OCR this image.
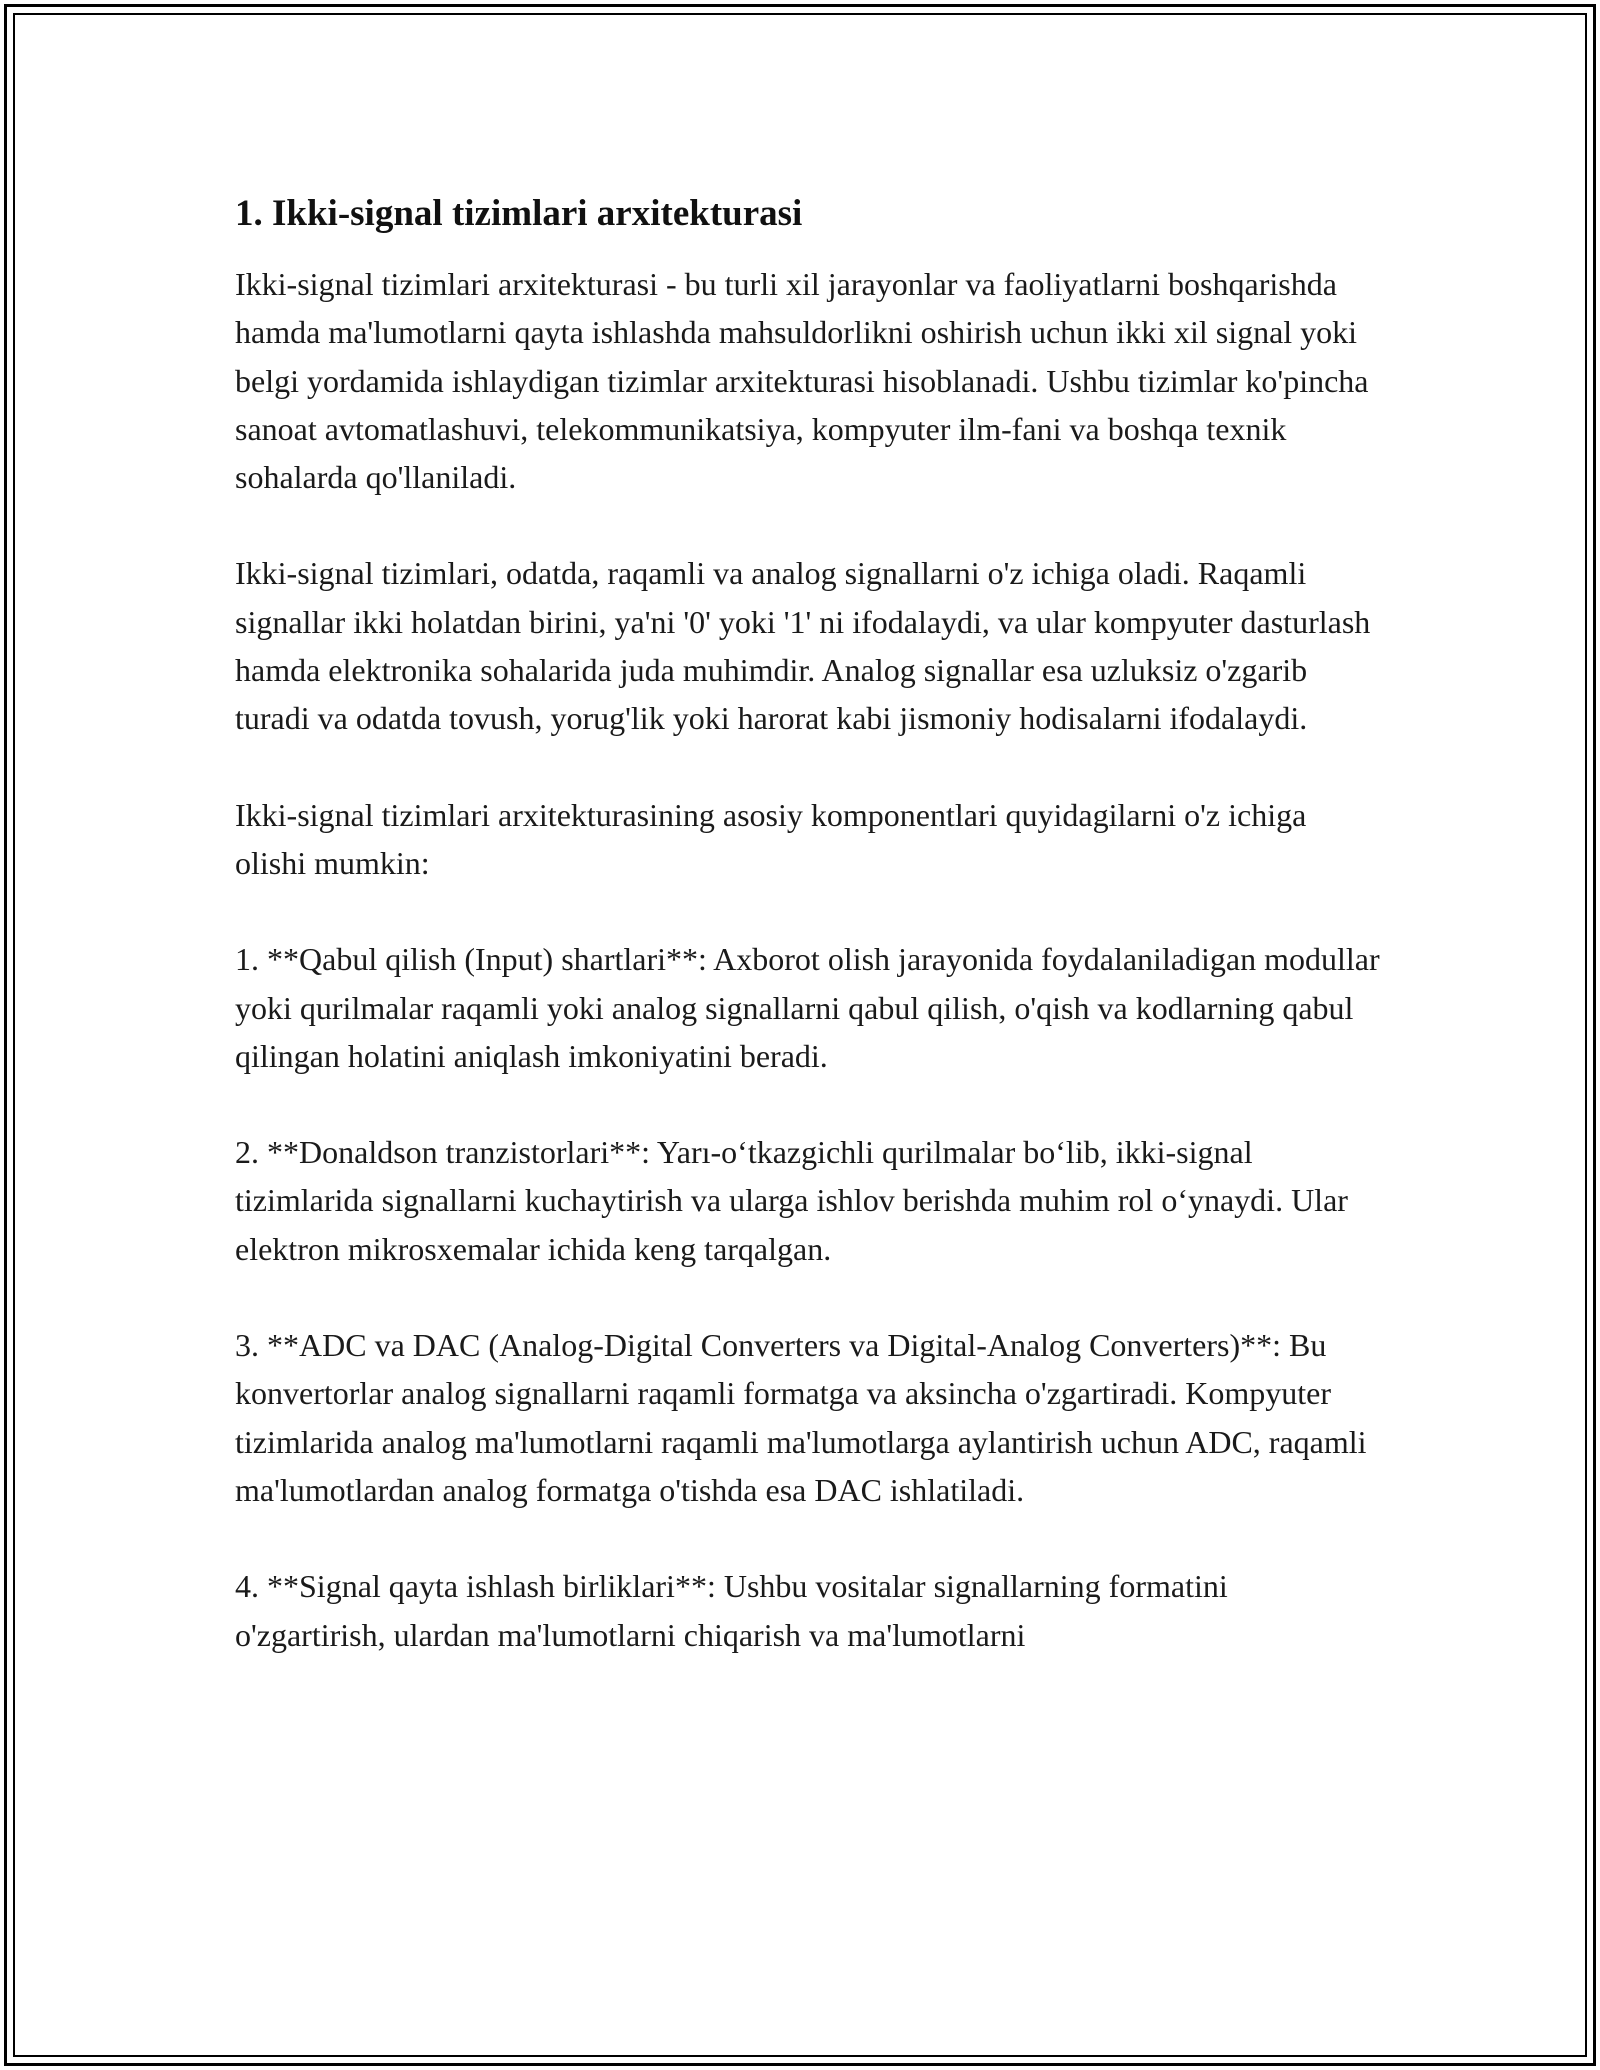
1. Ikki-signal tizimlari arxitekturasi

Ikki-signal tizimlari arxitekturasi - bu turli xil jarayonlar va faoliyatlarni boshqarishda hamda ma'lumotlarni qayta ishlashda mahsuldorlikni oshirish uchun ikki xil signal yoki belgi yordamida ishlaydigan tizimlar arxitekturasi hisoblanadi. Ushbu tizimlar ko'pincha sanoat avtomatlashuvi, telekommunikatsiya, kompyuter ilm-fani va boshqa texnik sohalarda qo'llaniladi.

Ikki-signal tizimlari, odatda, raqamli va analog signallarni o'z ichiga oladi. Raqamli signallar ikki holatdan birini, ya'ni '0' yoki '1' ni ifodalaydi, va ular kompyuter dasturlash hamda elektronika sohalarida juda muhimdir. Analog signallar esa uzluksiz o'zgarib turadi va odatda tovush, yorug'lik yoki harorat kabi jismoniy hodisalarni ifodalaydi.

Ikki-signal tizimlari arxitekturasining asosiy komponentlari quyidagilarni o'z ichiga olishi mumkin:

1. **Qabul qilish (Input) shartlari**: Axborot olish jarayonida foydalaniladigan modullar yoki qurilmalar raqamli yoki analog signallarni qabul qilish, o'qish va kodlarning qabul qilingan holatini aniqlash imkoniyatini beradi.

2. **Donaldson tranzistorlari**: Yarı-oʻtkazgichli qurilmalar boʻlib, ikki-signal tizimlarida signallarni kuchaytirish va ularga ishlov berishda muhim rol oʻynaydi. Ular elektron mikrosxemalar ichida keng tarqalgan.

3. **ADC va DAC (Analog-Digital Converters va Digital-Analog Converters)**: Bu konvertorlar analog signallarni raqamli formatga va aksincha o'zgartiradi. Kompyuter tizimlarida analog ma'lumotlarni raqamli ma'lumotlarga aylantirish uchun ADC, raqamli ma'lumotlardan analog formatga o'tishda esa DAC ishlatiladi.

4. **Signal qayta ishlash birliklari**: Ushbu vositalar signallarning formatini o'zgartirish, ulardan ma'lumotlarni chiqarish va ma'lumotlarni
